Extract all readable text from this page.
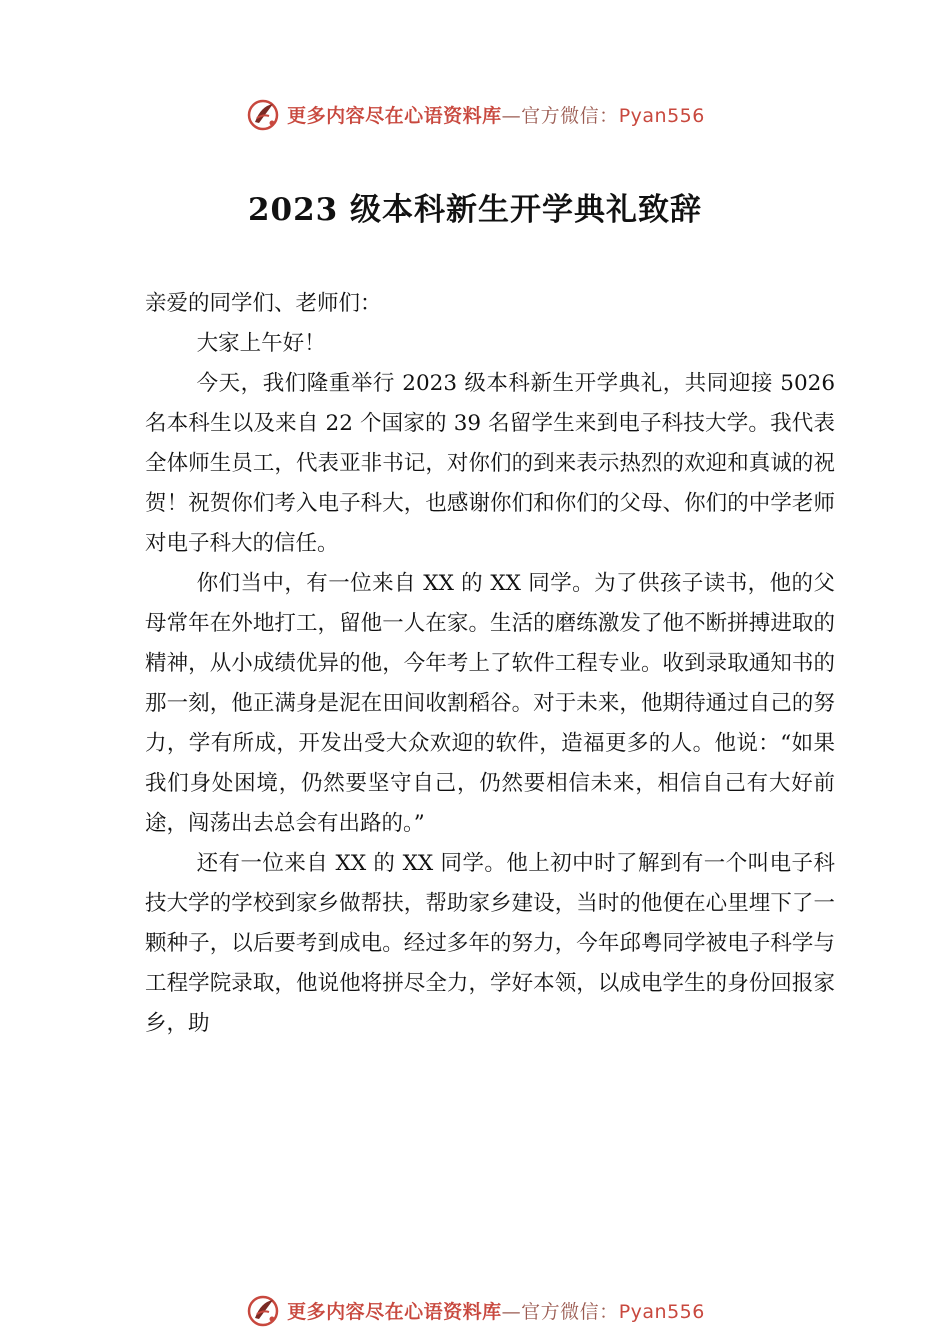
更多内容尽在心语资料库—官方微信：Pyan556
2023 级本科新生开学典礼致辞

亲爱的同学们、老师们：

大家上午好！

今天，我们隆重举行 2023 级本科新生开学典礼，共同迎接 5026 名本科生以及来自 22 个国家的 39 名留学生来到电子科技大学。我代表全体师生员工，代表亚非书记，对你们的到来表示热烈的欢迎和真诚的祝贺！祝贺你们考入电子科大，也感谢你们和你们的父母、你们的中学老师对电子科大的信任。

你们当中，有一位来自 XX 的 XX 同学。为了供孩子读书，他的父母常年在外地打工，留他一人在家。生活的磨练激发了他不断拼搏进取的精神，从小成绩优异的他，今年考上了软件工程专业。收到录取通知书的那一刻，他正满身是泥在田间收割稻谷。对于未来，他期待通过自己的努力，学有所成，开发出受大众欢迎的软件，造福更多的人。他说：“如果我们身处困境，仍然要坚守自己，仍然要相信未来，相信自己有大好前途，闯荡出去总会有出路的。”

还有一位来自 XX 的 XX 同学。他上初中时了解到有一个叫电子科技大学的学校到家乡做帮扶，帮助家乡建设，当时的他便在心里埋下了一颗种子，以后要考到成电。经过多年的努力，今年邱粤同学被电子科学与工程学院录取，他说他将拼尽全力，学好本领，以成电学生的身份回报家乡，助

更多内容尽在心语资料库—官方微信：Pyan556
